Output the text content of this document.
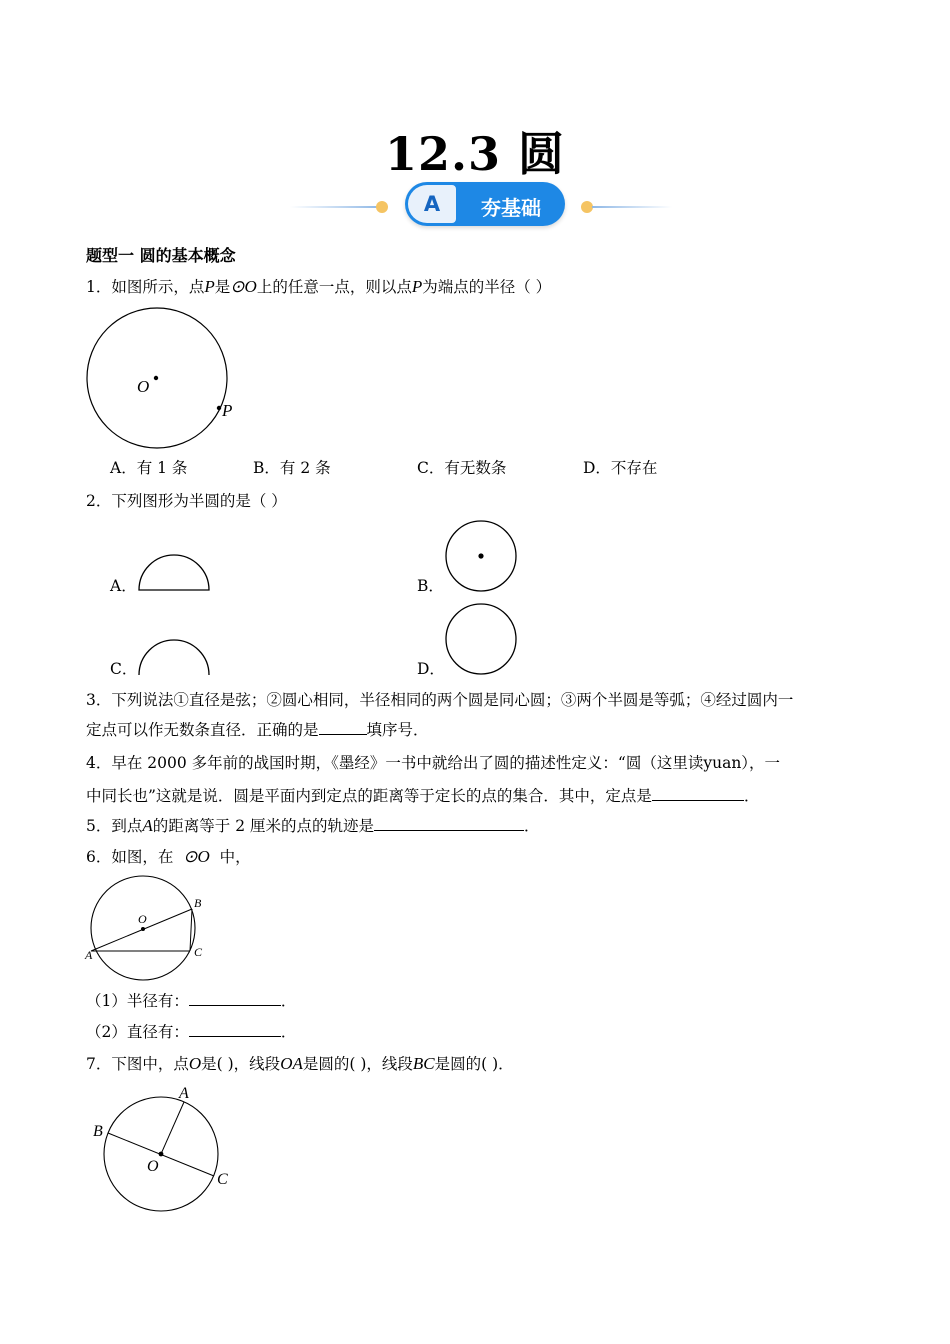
12.3 圆
A	夯基础
题型一 圆的基本概念
1．如图所示，点P是⊙O上的任意一点，则以点P为端点的半径（ ）
O
P
A．有 1 条	B．有 2 条	C．有无数条	D．不存在
2．下列图形为半圆的是（ ）
A．	B．
C．	D．
3．下列说法①直径是弦；②圆心相同，半径相同的两个圆是同心圆；③两个半圆是等弧；④经过圆内一
定点可以作无数条直径．正确的是	填序号．
4．早在 2000 多年前的战国时期，《墨经》一书中就给出了圆的描述性定义：“圆（这里读yuan），一
中同长也”这就是说．圆是平面内到定点的距离等于定长的点的集合．其中，定点是	．
5．到点A的距离等于 2 厘米的点的轨迹是	．
6．如图，在 ⊙O 中，
O
B
A	C
（1）半径有：	．
（2）直径有：	．
7．下图中，点O是( )，线段OA是圆的( )，线段BC是圆的( )．
A
B
O
C
